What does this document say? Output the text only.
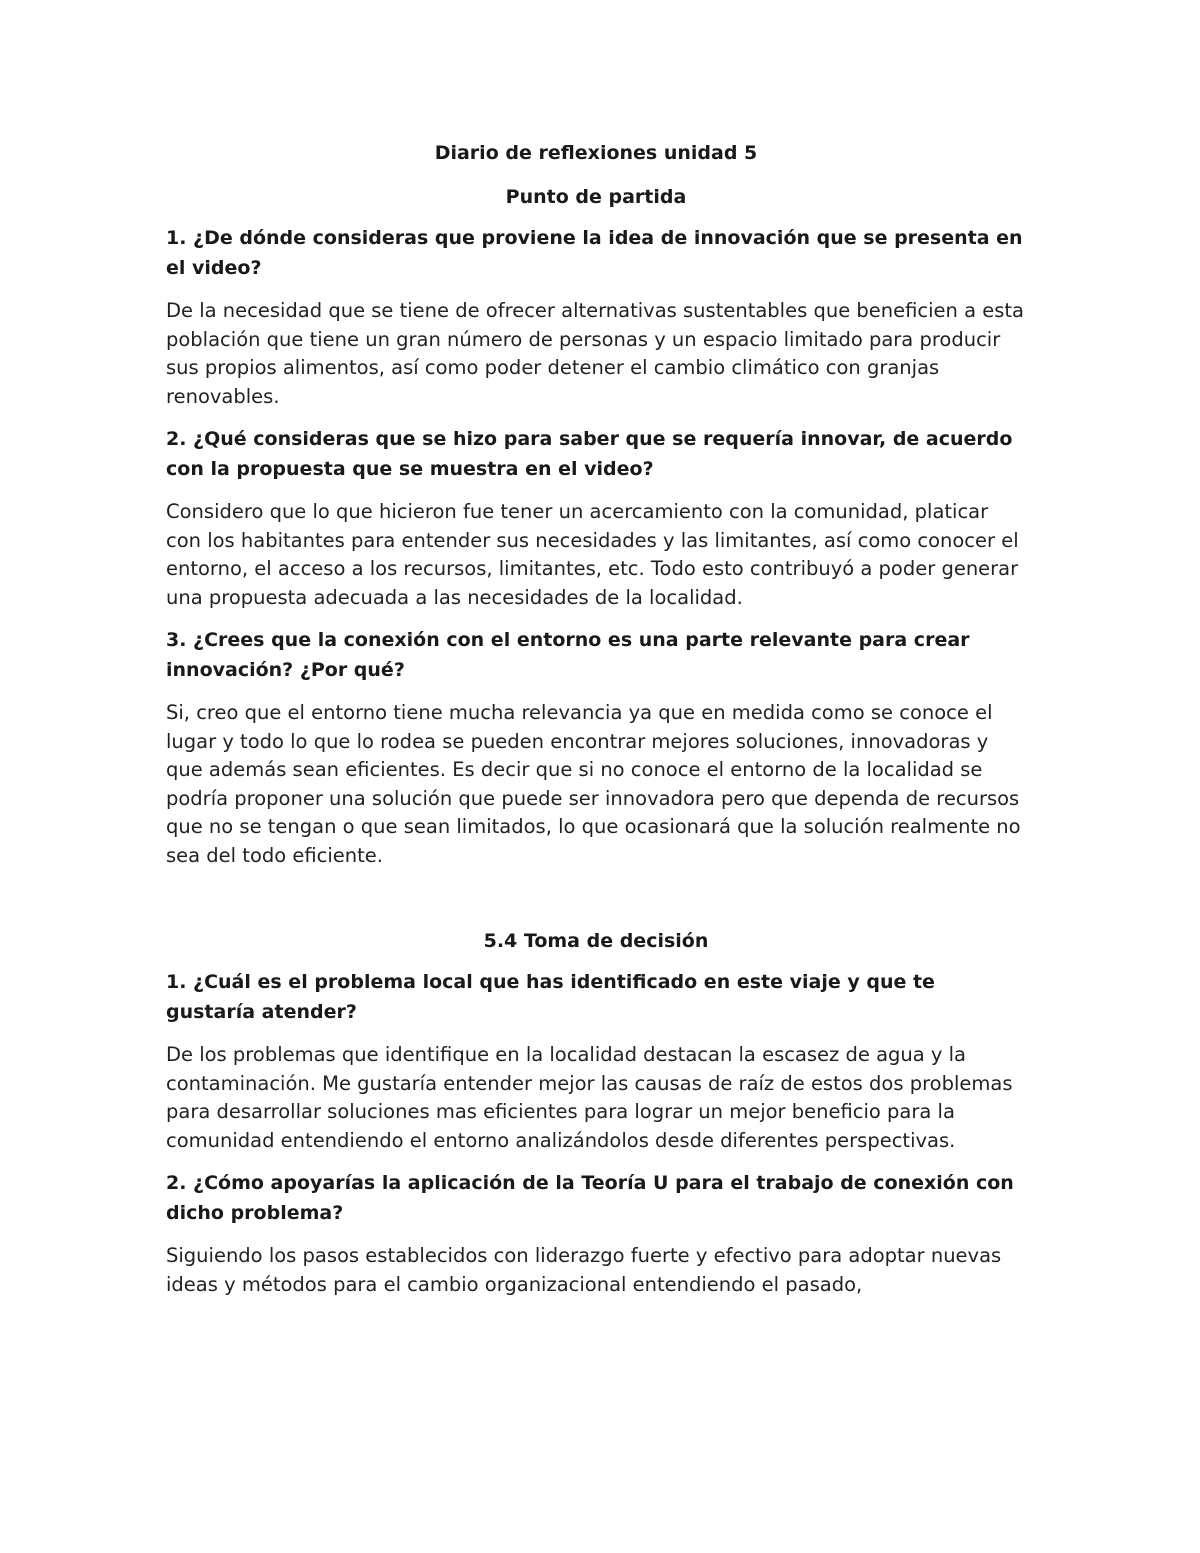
Diario de reflexiones unidad 5
Punto de partida
1. ¿De dónde consideras que proviene la idea de innovación que se presenta en el video?
De la necesidad que se tiene de ofrecer alternativas sustentables que beneficien a esta población que tiene un gran número de personas y un espacio limitado para producir sus propios alimentos, así como poder detener el cambio climático con granjas renovables.
2. ¿Qué consideras que se hizo para saber que se requería innovar, de acuerdo con la propuesta que se muestra en el video?
Considero que lo que hicieron fue tener un acercamiento con la comunidad, platicar con los habitantes para entender sus necesidades y las limitantes, así como conocer el entorno, el acceso a los recursos, limitantes, etc. Todo esto contribuyó a poder generar una propuesta adecuada a las necesidades de la localidad.
3. ¿Crees que la conexión con el entorno es una parte relevante para crear innovación? ¿Por qué?
Si, creo que el entorno tiene mucha relevancia ya que en medida como se conoce el lugar y todo lo que lo rodea se pueden encontrar mejores soluciones, innovadoras y que además sean eficientes. Es decir que si no conoce el entorno de la localidad se podría proponer una solución que puede ser innovadora pero que dependa de recursos que no se tengan o que sean limitados, lo que ocasionará que la solución realmente no sea del todo eficiente.
5.4 Toma de decisión
1. ¿Cuál es el problema local que has identificado en este viaje y que te gustaría atender?
De los problemas que identifique en la localidad destacan la escasez de agua y la contaminación. Me gustaría entender mejor las causas de raíz de estos dos problemas para desarrollar soluciones mas eficientes para lograr un mejor beneficio para la comunidad entendiendo el entorno analizándolos desde diferentes perspectivas.
2. ¿Cómo apoyarías la aplicación de la Teoría U para el trabajo de conexión con dicho problema?
Siguiendo los pasos establecidos con liderazgo fuerte y efectivo para adoptar nuevas ideas y métodos para el cambio organizacional entendiendo el pasado,
